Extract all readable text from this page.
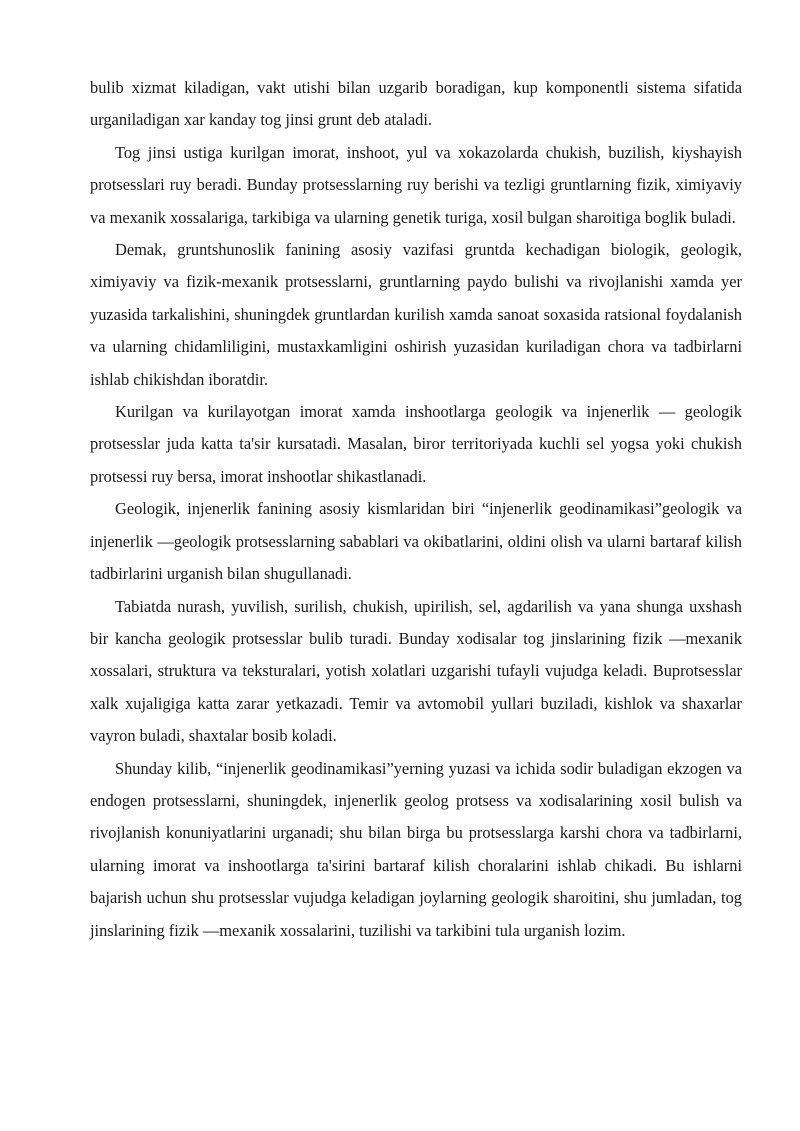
bulib xizmat kiladigan, vakt utishi bilan uzgarib boradigan, kup komponentli sistema sifatida urganiladigan xar kanday tog jinsi grunt deb ataladi.

Tog jinsi ustiga kurilgan imorat, inshoot, yul va xokazolarda chukish, buzilish, kiyshayish protsesslari ruy beradi. Bunday protsesslarning ruy berishi va tezligi gruntlarning fizik, ximiyaviy va mexanik xossalariga, tarkibiga va ularning genetik turiga, xosil bulgan sharoitiga boglik buladi.

Demak, gruntshunoslik fanining asosiy vazifasi gruntda kechadigan biologik, geologik, ximiyaviy va fizik-mexanik protsesslarni, gruntlarning paydo bulishi va rivojlanishi xamda yer yuzasida tarkalishini, shuningdek gruntlardan kurilish xamda sanoat soxasida ratsional foydalanish va ularning chidamliligini, mustaxkamligini oshirish yuzasidan kuriladigan chora va tadbirlarni ishlab chikishdan iboratdir.

Kurilgan va kurilayotgan imorat xamda inshootlarga geologik va injenerlik — geologik protsesslar juda katta ta'sir kursatadi. Masalan, biror territoriyada kuchli sel yogsa yoki chukish protsessi ruy bersa, imorat inshootlar shikastlanadi.

Geologik, injenerlik fanining asosiy kismlaridan biri “injenerlik geodinamikasi”geologik va injenerlik —geologik protsesslarning sabablari va okibatlarini, oldini olish va ularni bartaraf kilish tadbirlarini urganish bilan shugullanadi.

Tabiatda nurash, yuvilish, surilish, chukish, upirilish, sel, agdarilish va yana shunga uxshash bir kancha geologik protsesslar bulib turadi. Bunday xodisalar tog jinslarining fizik —mexanik xossalari, struktura va teksturalari, yotish xolatlari uzgarishi tufayli vujudga keladi. Buprotsesslar xalk xujaligiga katta zarar yetkazadi. Temir va avtomobil yullari buziladi, kishlok va shaxarlar vayron buladi, shaxtalar bosib koladi.

Shunday kilib, “injenerlik geodinamikasi”yerning yuzasi va ichida sodir buladigan ekzogen va endogen protsesslarni, shuningdek, injenerlik geolog protsess va xodisalarining xosil bulish va rivojlanish konuniyatlarini urganadi; shu bilan birga bu protsesslarga karshi chora va tadbirlarni, ularning imorat va inshootlarga ta'sirini bartaraf kilish choralarini ishlab chikadi. Bu ishlarni bajarish uchun shu protsesslar vujudga keladigan joylarning geologik sharoitini, shu jumladan, tog jinslarining fizik —mexanik xossalarini, tuzilishi va tarkibini tula urganish lozim.
